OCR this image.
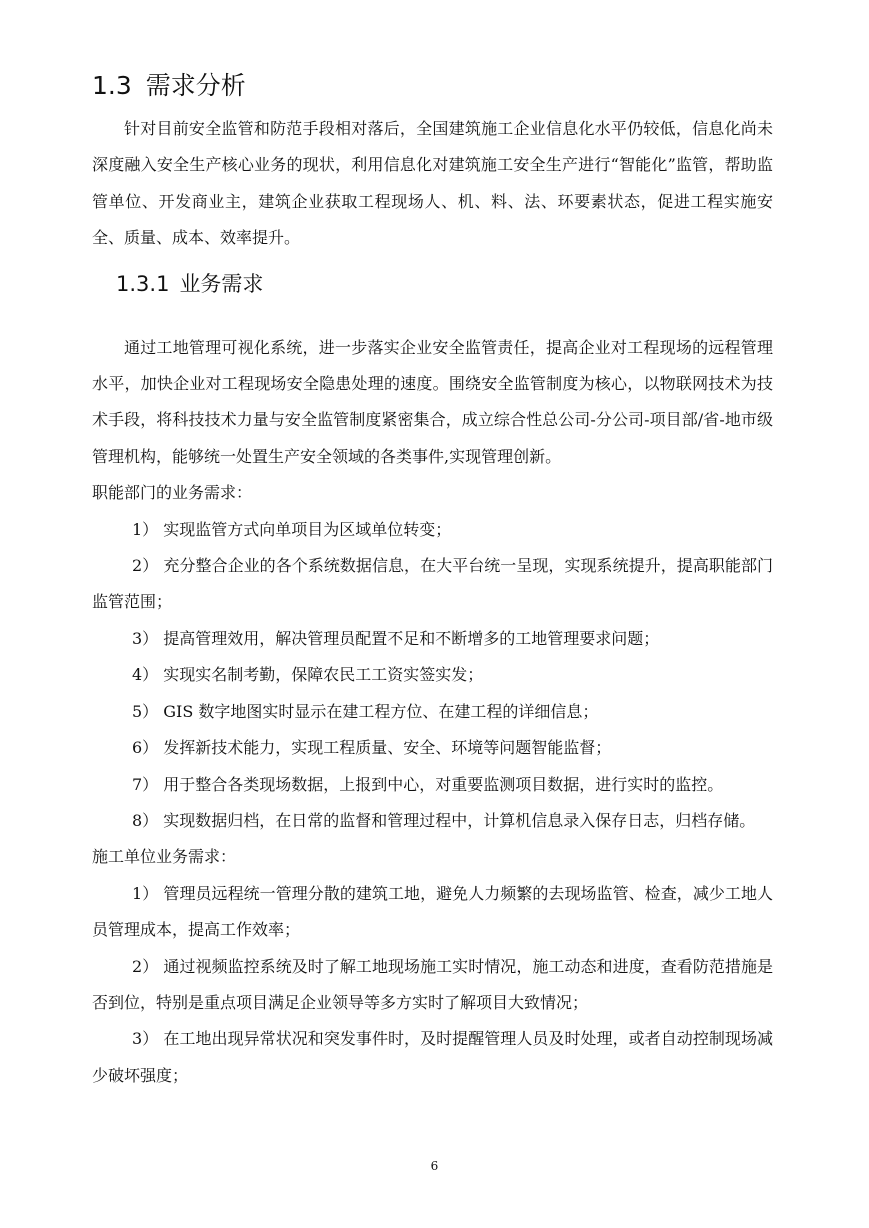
1.3 需求分析

针对目前安全监管和防范手段相对落后，全国建筑施工企业信息化水平仍较低，信息化尚未深度融入安全生产核心业务的现状，利用信息化对建筑施工安全生产进行“智能化”监管，帮助监管单位、开发商业主，建筑企业获取工程现场人、机、料、法、环要素状态，促进工程实施安全、质量、成本、效率提升。

通过工地管理可视化系统，进一步落实企业安全监管责任，提高企业对工程现场的远程管理水平，加快企业对工程现场安全隐患处理的速度。围绕安全监管制度为核心，以物联网技术为技术手段，将科技技术力量与安全监管制度紧密集合，成立综合性总公司-分公司-项目部/省-地市级管理机构，能够统一处置生产安全领域的各类事件,实现管理创新。

职能部门的业务需求：

1） 实现监管方式向单项目为区域单位转变；

2） 充分整合企业的各个系统数据信息，在大平台统一呈现，实现系统提升，提高职能部门监管范围；

3） 提高管理效用，解决管理员配置不足和不断增多的工地管理要求问题；

4） 实现实名制考勤，保障农民工工资实签实发；

5） GIS 数字地图实时显示在建工程方位、在建工程的详细信息；

6） 发挥新技术能力，实现工程质量、安全、环境等问题智能监督；

7） 用于整合各类现场数据，上报到中心，对重要监测项目数据，进行实时的监控。

8） 实现数据归档，在日常的监督和管理过程中，计算机信息录入保存日志，归档存储。

施工单位业务需求：

1） 管理员远程统一管理分散的建筑工地，避免人力频繁的去现场监管、检查，减少工地人员管理成本，提高工作效率；

2） 通过视频监控系统及时了解工地现场施工实时情况，施工动态和进度，查看防范措施是否到位，特别是重点项目满足企业领导等多方实时了解项目大致情况；

3） 在工地出现异常状况和突发事件时，及时提醒管理人员及时处理，或者自动控制现场减少破坏强度；

1.3.1 业务需求
6
